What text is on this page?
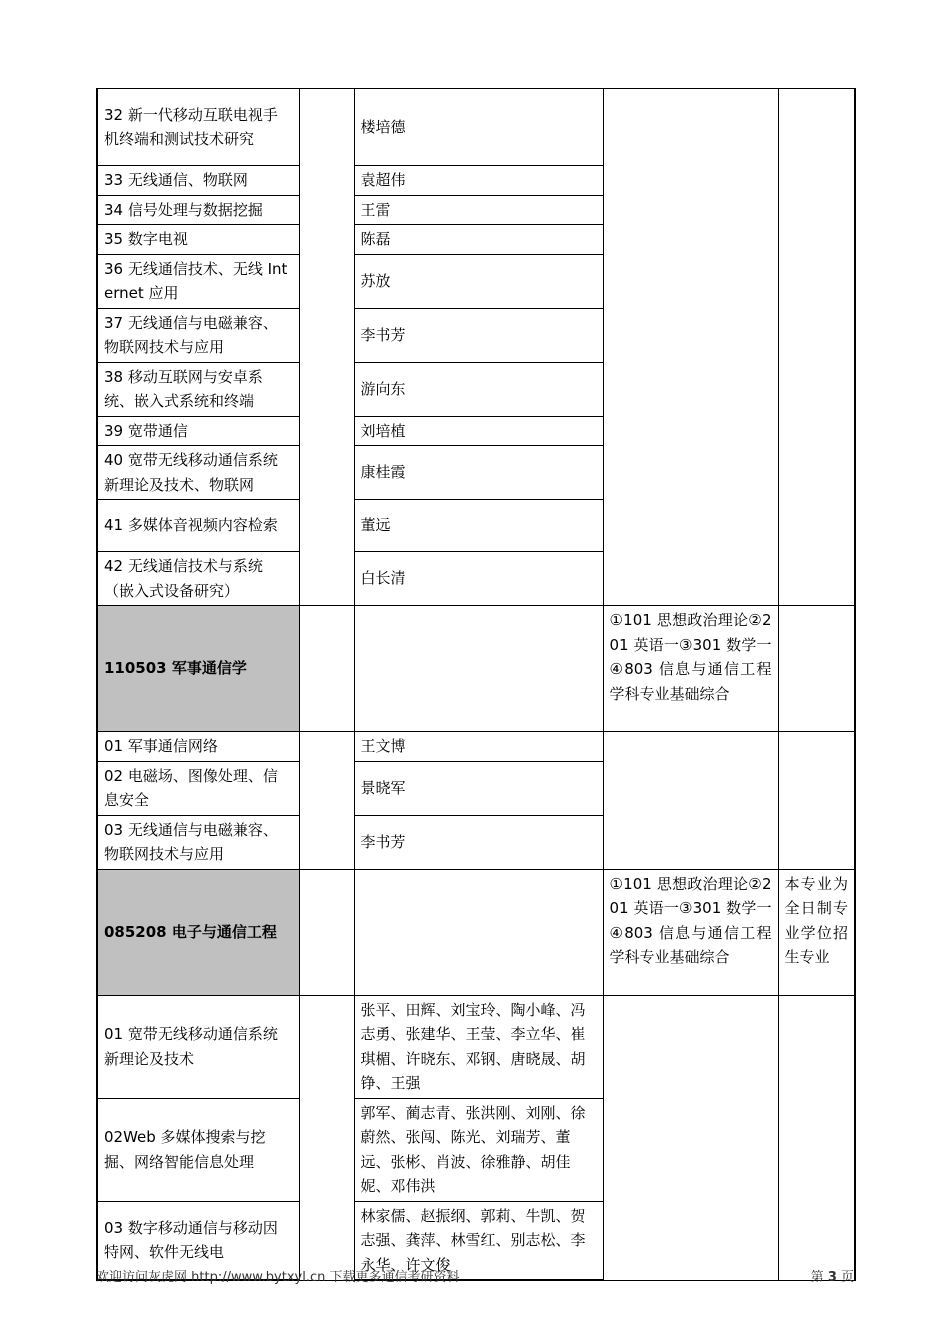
32 新一代移动互联电视手机终端和测试技术研究		楼培德		
33 无线通信、物联网		袁超伟		
34 信号处理与数据挖掘		王雷		
35 数字电视		陈磊		
36 无线通信技术、无线 Internet 应用		苏放		
37 无线通信与电磁兼容、物联网技术与应用		李书芳		
38 移动互联网与安卓系统、嵌入式系统和终端		游向东		
39 宽带通信		刘培植		
40 宽带无线移动通信系统新理论及技术、物联网		康桂霞		
41 多媒体音视频内容检索		董远		
42 无线通信技术与系统（嵌入式设备研究）		白长清		
110503 军事通信学			①101 思想政治理论②201 英语一③301 数学一④803 信息与通信工程学科专业基础综合	
01 军事通信网络		王文博		
02 电磁场、图像处理、信息安全		景晓军		
03 无线通信与电磁兼容、物联网技术与应用		李书芳		
085208 电子与通信工程			①101 思想政治理论②201 英语一③301 数学一④803 信息与通信工程学科专业基础综合	本专业为全日制专业学位招生专业
01 宽带无线移动通信系统新理论及技术		张平、田辉、刘宝玲、陶小峰、冯志勇、张建华、王莹、李立华、崔琪楣、许晓东、邓钢、唐晓晟、胡铮、王强		
02Web 多媒体搜索与挖掘、网络智能信息处理		郭军、蔺志青、张洪刚、刘刚、徐蔚然、张闯、陈光、刘瑞芳、董远、张彬、肖波、徐雅静、胡佳妮、邓伟洪		
03 数字移动通信与移动因特网、软件无线电		林家儒、赵振纲、郭莉、牛凯、贺志强、龚萍、林雪红、别志松、李永华、许文俊		
欢迎访问灰虎网 http://www.bytxyl.cn 下载更多通信考研资料	第 3 页
